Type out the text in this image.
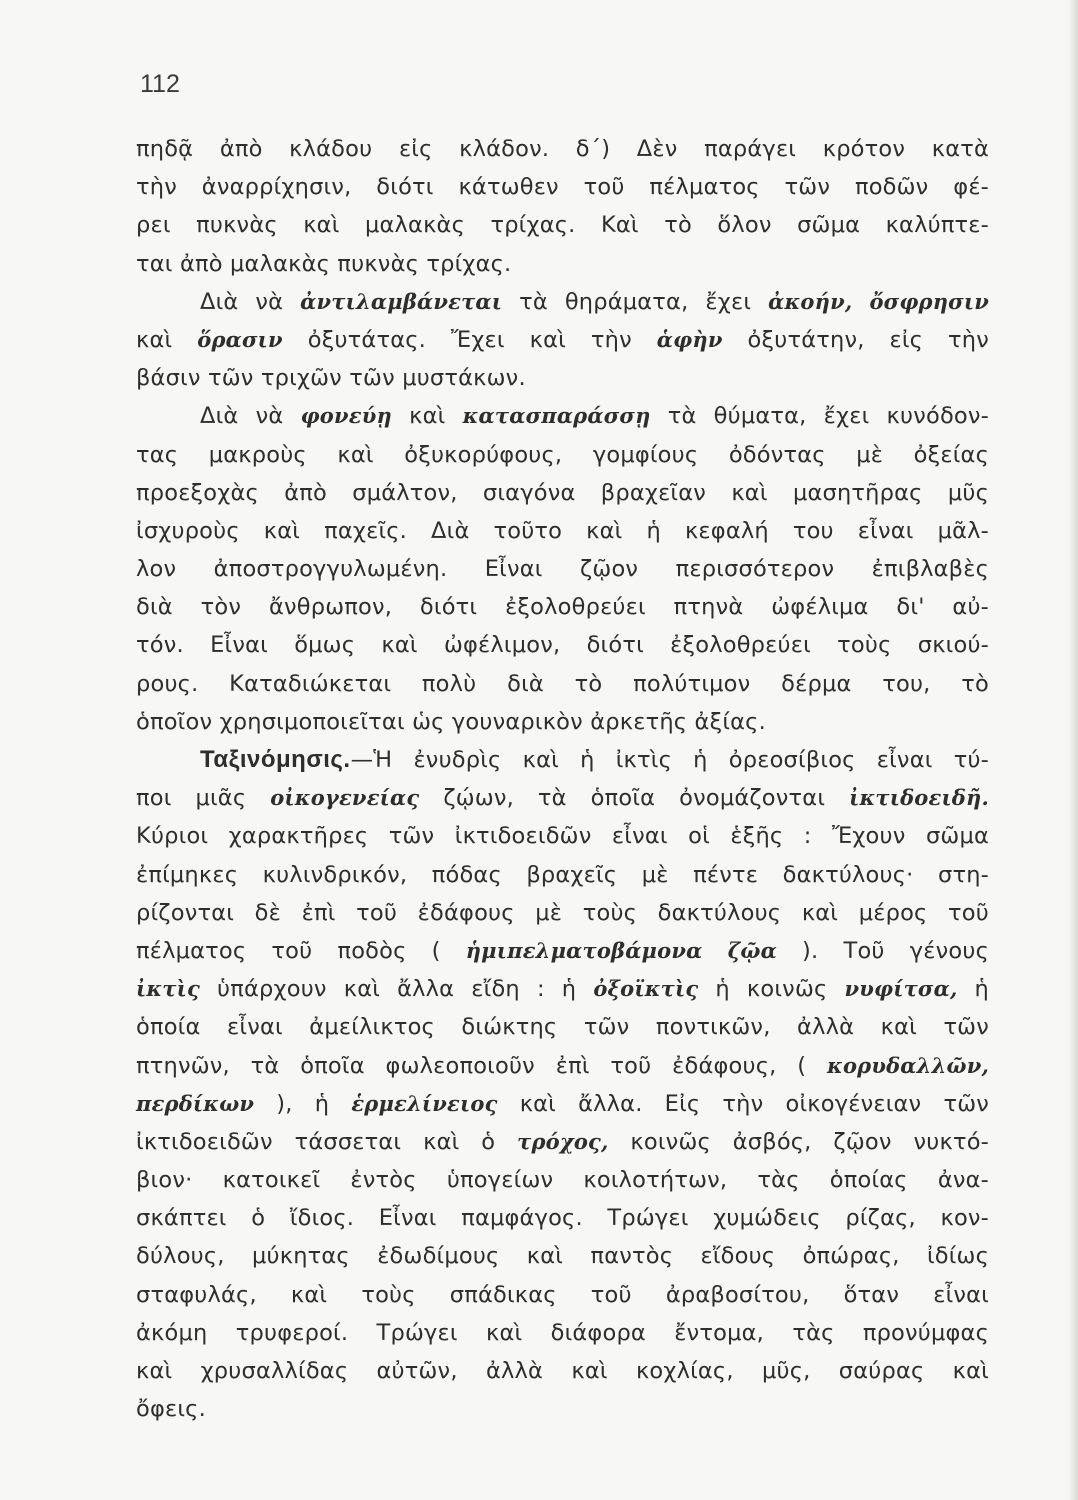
112
πηδᾷ ἀπὸ κλάδου εἰς κλάδον. δ΄) Δὲν παράγει κρότον κατὰ
τὴν ἀναρρίχησιν, διότι κάτωθεν τοῦ πέλματος τῶν ποδῶν φέ-
ρει πυκνὰς καὶ μαλακὰς τρίχας. Καὶ τὸ ὅλον σῶμα καλύπτε-
ται ἀπὸ μαλακὰς πυκνὰς τρίχας.
Διὰ νὰ ἀντιλαμβάνεται τὰ θηράματα, ἔχει ἀκοήν, ὄσφρησιν
καὶ ὅρασιν ὀξυτάτας. Ἔχει καὶ τὴν ἁφὴν ὀξυτάτην, εἰς τὴν
βάσιν τῶν τριχῶν τῶν μυστάκων.
Διὰ νὰ φονεύῃ καὶ κατασπαράσσῃ τὰ θύματα, ἔχει κυνόδον-
τας μακροὺς καὶ ὀξυκορύφους, γομφίους ὀδόντας μὲ ὀξείας
προεξοχὰς ἀπὸ σμάλτον, σιαγόνα βραχεῖαν καὶ μασητῆρας μῦς
ἰσχυροὺς καὶ παχεῖς. Διὰ τοῦτο καὶ ἡ κεφαλή του εἶναι μᾶλ-
λον ἀποστρογγυλωμένη. Εἶναι ζῷον περισσότερον ἐπιβλαβὲς
διὰ τὸν ἄνθρωπον, διότι ἐξολοθρεύει πτηνὰ ὠφέλιμα δι' αὐ-
τόν. Εἶναι ὅμως καὶ ὠφέλιμον, διότι ἐξολοθρεύει τοὺς σκιού-
ρους. Καταδιώκεται πολὺ διὰ τὸ πολύτιμον δέρμα του, τὸ
ὁποῖον χρησιμοποιεῖται ὡς γουναρικὸν ἀρκετῆς ἀξίας.
Ταξινόμησις.—Ἡ ἐνυδρὶς καὶ ἡ ἰκτὶς ἡ ὀρεοσίβιος εἶναι τύ-
ποι μιᾶς οἰκογενείας ζῴων, τὰ ὁποῖα ὀνομάζονται ἰκτιδοειδῆ.
Κύριοι χαρακτῆρες τῶν ἰκτιδοειδῶν εἶναι οἱ ἑξῆς : Ἔχουν σῶμα
ἐπίμηκες κυλινδρικόν, πόδας βραχεῖς μὲ πέντε δακτύλους· στη-
ρίζονται δὲ ἐπὶ τοῦ ἐδάφους μὲ τοὺς δακτύλους καὶ μέρος τοῦ
πέλματος τοῦ ποδὸς ( ἡμιπελματοβάμονα ζῷα ). Τοῦ γένους
ἰκτὶς ὑπάρχουν καὶ ἄλλα εἴδη : ἡ ὀξοϊκτὶς ἡ κοινῶς νυφίτσα, ἡ
ὁποία εἶναι ἀμείλικτος διώκτης τῶν ποντικῶν, ἀλλὰ καὶ τῶν
πτηνῶν, τὰ ὁποῖα φωλεοποιοῦν ἐπὶ τοῦ ἐδάφους, ( κορυδαλλῶν,
περδίκων ), ἡ ἑρμελίνειος καὶ ἄλλα. Εἰς τὴν οἰκογένειαν τῶν
ἰκτιδοειδῶν τάσσεται καὶ ὁ τρόχος, κοινῶς ἀσβός, ζῷον νυκτό-
βιον· κατοικεῖ ἐντὸς ὑπογείων κοιλοτήτων, τὰς ὁποίας ἀνα-
σκάπτει ὁ ἴδιος. Εἶναι παμφάγος. Τρώγει χυμώδεις ρίζας, κον-
δύλους, μύκητας ἐδωδίμους καὶ παντὸς εἴδους ὀπώρας, ἰδίως
σταφυλάς, καὶ τοὺς σπάδικας τοῦ ἀραβοσίτου, ὅταν εἶναι
ἀκόμη τρυφεροί. Τρώγει καὶ διάφορα ἔντομα, τὰς προνύμφας
καὶ χρυσαλλίδας αὐτῶν, ἀλλὰ καὶ κοχλίας, μῦς, σαύρας καὶ
ὄφεις.
